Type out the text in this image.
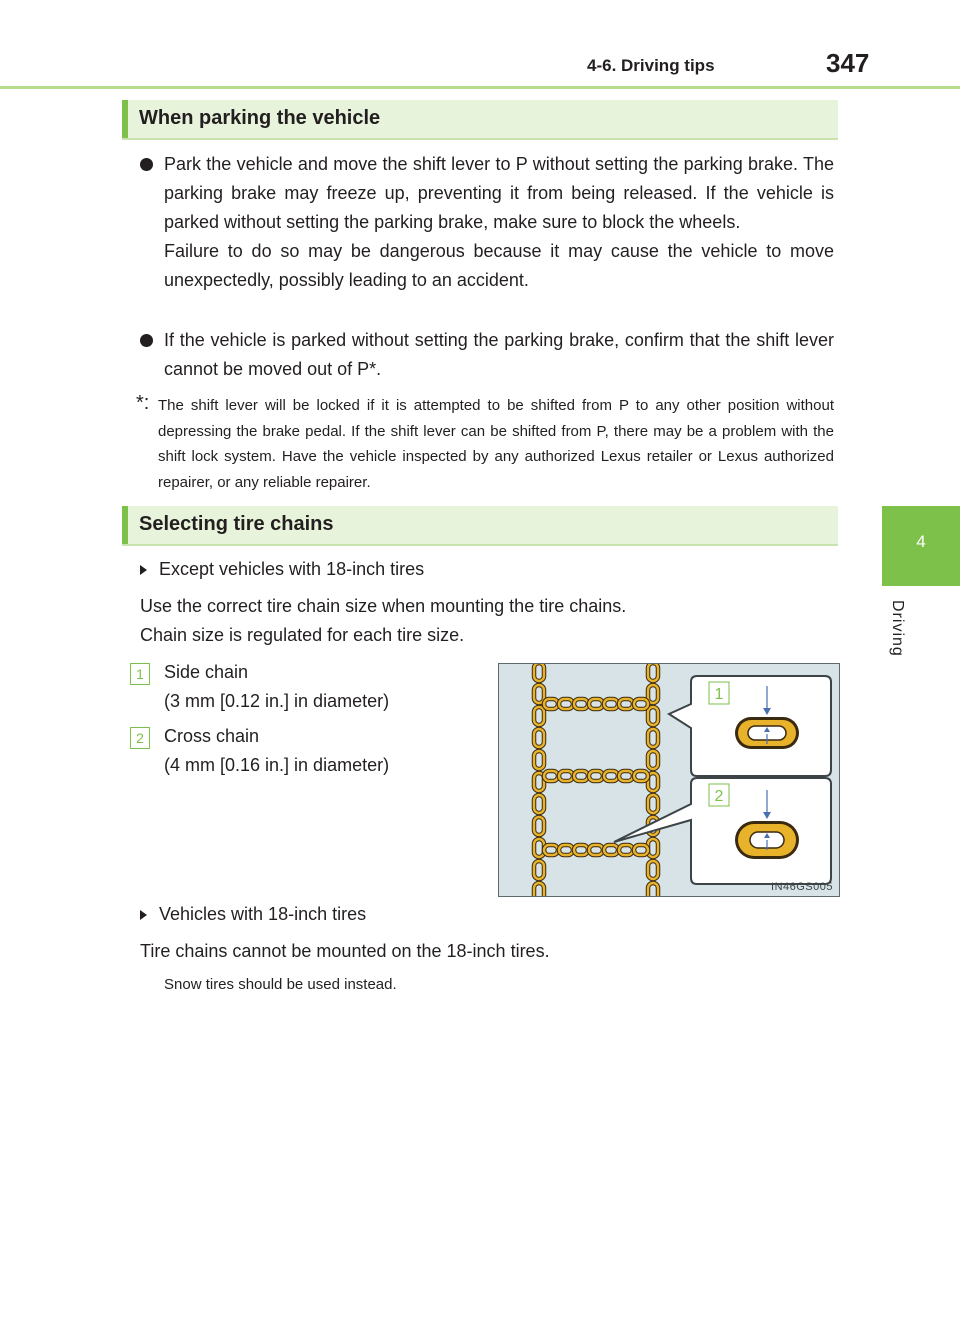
4-6. Driving tips	347
4
Driving
When parking the vehicle

Park the vehicle and move the shift lever to P without setting the parking brake. The parking brake may freeze up, preventing it from being released. If the vehicle is parked without setting the parking brake, make sure to block the wheels.

Failure to do so may be dangerous because it may cause the vehicle to move unexpectedly, possibly leading to an accident.

If the vehicle is parked without setting the parking brake, confirm that the shift lever cannot be moved out of P*.

*: The shift lever will be locked if it is attempted to be shifted from P to any other position without depressing the brake pedal. If the shift lever can be shifted from P, there may be a problem with the shift lock system. Have the vehicle inspected by any authorized Lexus retailer or Lexus authorized repairer, or any reliable repairer.

Selecting tire chains
Except vehicles with 18-inch tires
Use the correct tire chain size when mounting the tire chains.
Chain size is regulated for each tire size.
1	Side chain
(3 mm [0.12 in.] in diameter)
2	Cross chain
(4 mm [0.16 in.] in diameter)
1
2
IN46GS005
Vehicles with 18-inch tires
Tire chains cannot be mounted on the 18-inch tires.
Snow tires should be used instead.
